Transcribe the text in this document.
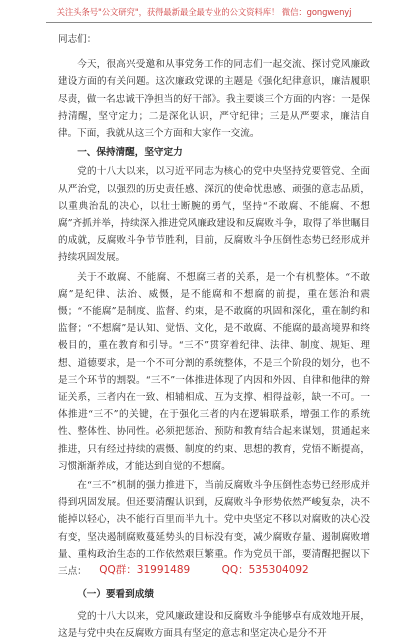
关注头条号"公文研究"，获得最新最全最专业的公文资料库！ 微信：gongwenyj

同志们：

今天，很高兴受邀和从事党务工作的同志们一起交流、探讨党风廉政建设方面的有关问题。这次廉政党课的主题是《强化纪律意识，廉洁履职尽责，做一名忠诚干净担当的好干部》。我主要谈三个方面的内容：一是保持清醒，坚守定力；二是深化认识，严守纪律；三是从严要求，廉洁自律。下面，我就从这三个方面和大家作一交流。

一、保持清醒，坚守定力

党的十八大以来，以习近平同志为核心的党中央坚持党要管党、全面从严治党，以强烈的历史责任感、深沉的使命忧患感、顽强的意志品质，以重典治乱的决心，以壮士断腕的勇气，坚持“不敢腐、不能腐、不想腐”齐抓并举，持续深入推进党风廉政建设和反腐败斗争，取得了举世瞩目的成就，反腐败斗争节节胜利，目前，反腐败斗争压倒性态势已经形成并持续巩固发展。

关于不敢腐、不能腐、不想腐三者的关系，是一个有机整体。“不敢腐”是纪律、法治、威慑，是不能腐和不想腐的前提，重在惩治和震慑；“不能腐”是制度、监督、约束，是不敢腐的巩固和深化，重在制约和监督；“不想腐”是认知、觉悟、文化，是不敢腐、不能腐的最高境界和终极目的，重在教育和引导。“三不”贯穿着纪律、法律、制度、规矩、理想、道德要求，是一个不可分割的系统整体，不是三个阶段的划分，也不是三个环节的割裂。“三不”一体推进体现了内因和外因、自律和他律的辩证关系，三者内在一致、相辅相成、互为支撑、相得益彰，缺一不可。一体推进“三不”的关键，在于强化三者的内在逻辑联系，增强工作的系统性、整体性、协同性。必须把惩治、预防和教育结合起来谋划，贯通起来推进，只有经过持续的震慑、制度的约束、思想的教育，党悟不断提高，习惯渐渐养成，才能达到自觉的不想腐。

在“三不”机制的强力推进下，当前反腐败斗争压倒性态势已经形成并得到巩固发展。但还要清醒认识到，反腐败斗争形势依然严峻复杂，决不能掉以轻心，决不能行百里而半九十。党中央坚定不移以对腐败的决心没有变，坚决遏制腐败蔓延势头的目标没有变，减少腐败存量、遏制腐败增量、重构政治生态的工作依然艰巨繁重。作为党员干部，要清醒把握以下三点：

（一）要看到成绩

党的十八大以来，党风廉政建设和反腐败斗争能够卓有成效地开展，这是与党中央在反腐败方面具有坚定的意志和坚定决心是分不开

QQ群：31991489	QQ：535304092
